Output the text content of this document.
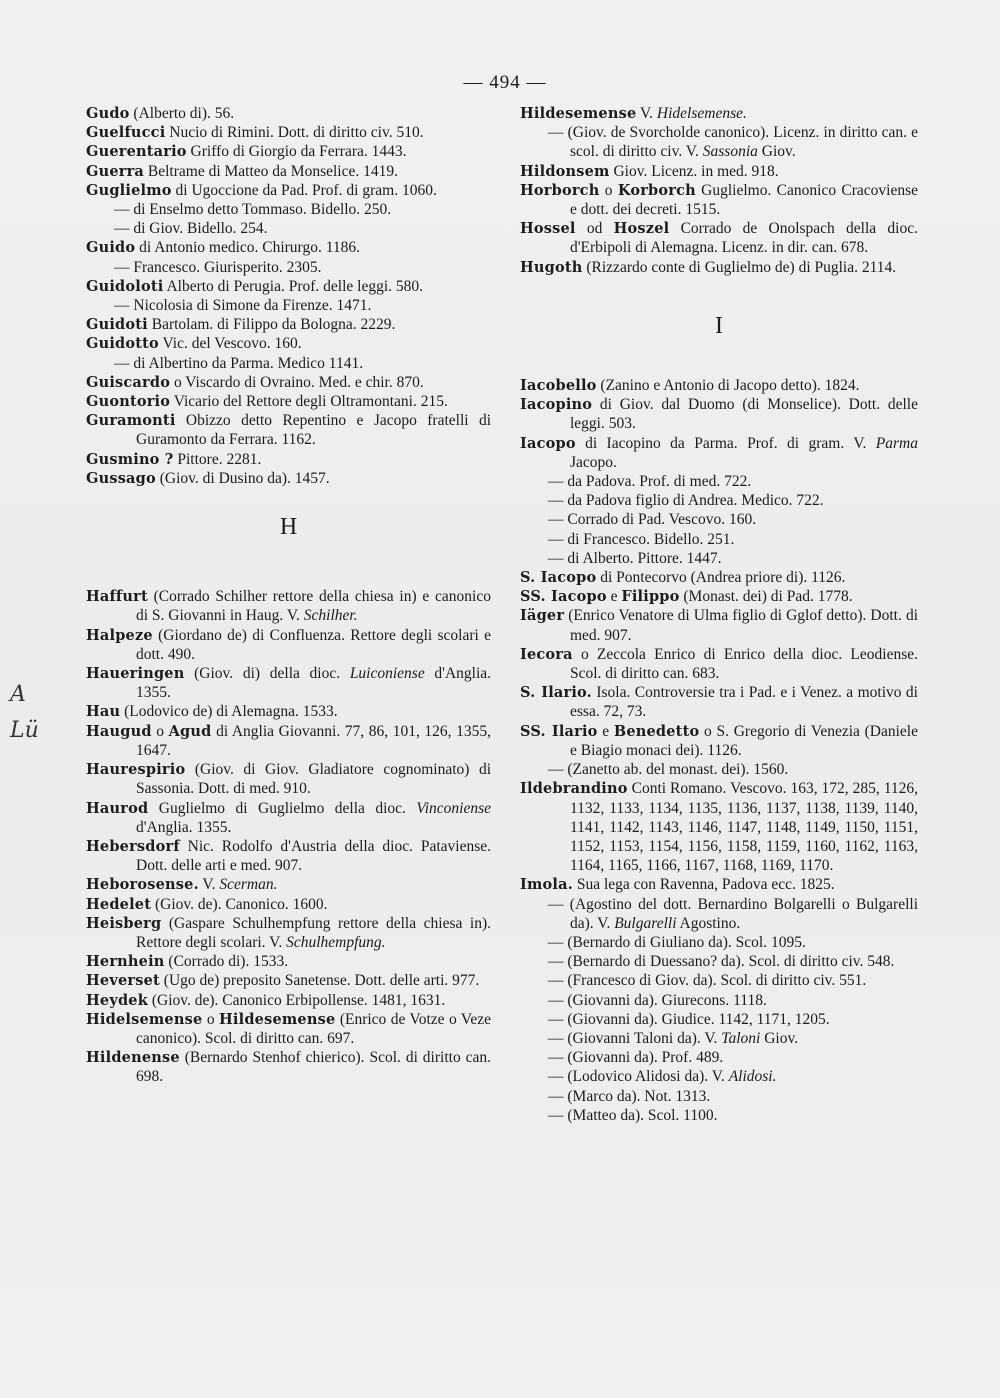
— 494 —
A
Lü

Gudo (Alberto di). 56.

Guelfucci Nucio di Rimini. Dott. di diritto civ. 510.

Guerentario Griffo di Giorgio da Ferrara. 1443.

Guerra Beltrame di Matteo da Monselice. 1419.

Guglielmo di Ugoccione da Pad. Prof. di gram. 1060.

— di Enselmo detto Tommaso. Bidello. 250.

— di Giov. Bidello. 254.

Guido di Antonio medico. Chirurgo. 1186.

— Francesco. Giurisperito. 2305.

Guidoloti Alberto di Perugia. Prof. delle leggi. 580.

— Nicolosia di Simone da Firenze. 1471.

Guidoti Bartolam. di Filippo da Bologna. 2229.

Guidotto Vic. del Vescovo. 160.

— di Albertino da Parma. Medico 1141.

Guiscardo o Viscardo di Ovraino. Med. e chir. 870.

Guontorio Vicario del Rettore degli Oltramontani. 215.

Guramonti Obizzo detto Repentino e Jacopo fratelli di Guramonto da Ferrara. 1162.

Gusmino ? Pittore. 2281.

Gussago (Giov. di Dusino da). 1457.

H

Haffurt (Corrado Schilher rettore della chiesa in) e canonico di S. Giovanni in Haug. V. Schilher.

Halpeze (Giordano de) di Confluenza. Rettore degli scolari e dott. 490.

Haueringen (Giov. di) della dioc. Luiconiense d'Anglia. 1355.

Hau (Lodovico de) di Alemagna. 1533.

Haugud o Agud di Anglia Giovanni. 77, 86, 101, 126, 1355, 1647.

Haurespirio (Giov. di Giov. Gladiatore cognominato) di Sassonia. Dott. di med. 910.

Haurod Guglielmo di Guglielmo della dioc. Vinconiense d'Anglia. 1355.

Hebersdorf Nic. Rodolfo d'Austria della dioc. Pataviense. Dott. delle arti e med. 907.

Heborosense. V. Scerman.

Hedelet (Giov. de). Canonico. 1600.

Heisberg (Gaspare Schulhempfung rettore della chiesa in). Rettore degli scolari. V. Schulhempfung.

Hernhein (Corrado di). 1533.

Heverset (Ugo de) preposito Sanetense. Dott. delle arti. 977.

Heydek (Giov. de). Canonico Erbipollense. 1481, 1631.

Hidelsemense o Hildesemense (Enrico de Votze o Veze canonico). Scol. di diritto can. 697.

Hildenense (Bernardo Stenhof chierico). Scol. di diritto can. 698.

Hildesemense V. Hidelsemense.

— (Giov. de Svorcholde canonico). Licenz. in diritto can. e scol. di diritto civ. V. Sassonia Giov.

Hildonsem Giov. Licenz. in med. 918.

Horborch o Korborch Guglielmo. Canonico Cracoviense e dott. dei decreti. 1515.

Hossel od Hoszel Corrado de Onolspach della dioc. d'Erbipoli di Alemagna. Licenz. in dir. can. 678.

Hugoth (Rizzardo conte di Guglielmo de) di Puglia. 2114.

I

Iacobello (Zanino e Antonio di Jacopo detto). 1824.

Iacopino di Giov. dal Duomo (di Monselice). Dott. delle leggi. 503.

Iacopo di Iacopino da Parma. Prof. di gram. V. Parma Jacopo.

— da Padova. Prof. di med. 722.

— da Padova figlio di Andrea. Medico. 722.

— Corrado di Pad. Vescovo. 160.

— di Francesco. Bidello. 251.

— di Alberto. Pittore. 1447.

S. Iacopo di Pontecorvo (Andrea priore di). 1126.

SS. Iacopo e Filippo (Monast. dei) di Pad. 1778.

Iäger (Enrico Venatore di Ulma figlio di Gglof detto). Dott. di med. 907.

Iecora o Zeccola Enrico di Enrico della dioc. Leodiense. Scol. di diritto can. 683.

S. Ilario. Isola. Controversie tra i Pad. e i Venez. a motivo di essa. 72, 73.

SS. Ilario e Benedetto o S. Gregorio di Venezia (Daniele e Biagio monaci dei). 1126.

— (Zanetto ab. del monast. dei). 1560.

Ildebrandino Conti Romano. Vescovo. 163, 172, 285, 1126, 1132, 1133, 1134, 1135, 1136, 1137, 1138, 1139, 1140, 1141, 1142, 1143, 1146, 1147, 1148, 1149, 1150, 1151, 1152, 1153, 1154, 1156, 1158, 1159, 1160, 1162, 1163, 1164, 1165, 1166, 1167, 1168, 1169, 1170.

Imola. Sua lega con Ravenna, Padova ecc. 1825.

— (Agostino del dott. Bernardino Bolgarelli o Bulgarelli da). V. Bulgarelli Agostino.

— (Bernardo di Giuliano da). Scol. 1095.

— (Bernardo di Duessano? da). Scol. di diritto civ. 548.

— (Francesco di Giov. da). Scol. di diritto civ. 551.

— (Giovanni da). Giurecons. 1118.

— (Giovanni da). Giudice. 1142, 1171, 1205.

— (Giovanni Taloni da). V. Taloni Giov.

— (Giovanni da). Prof. 489.

— (Lodovico Alidosi da). V. Alidosi.

— (Marco da). Not. 1313.

— (Matteo da). Scol. 1100.
